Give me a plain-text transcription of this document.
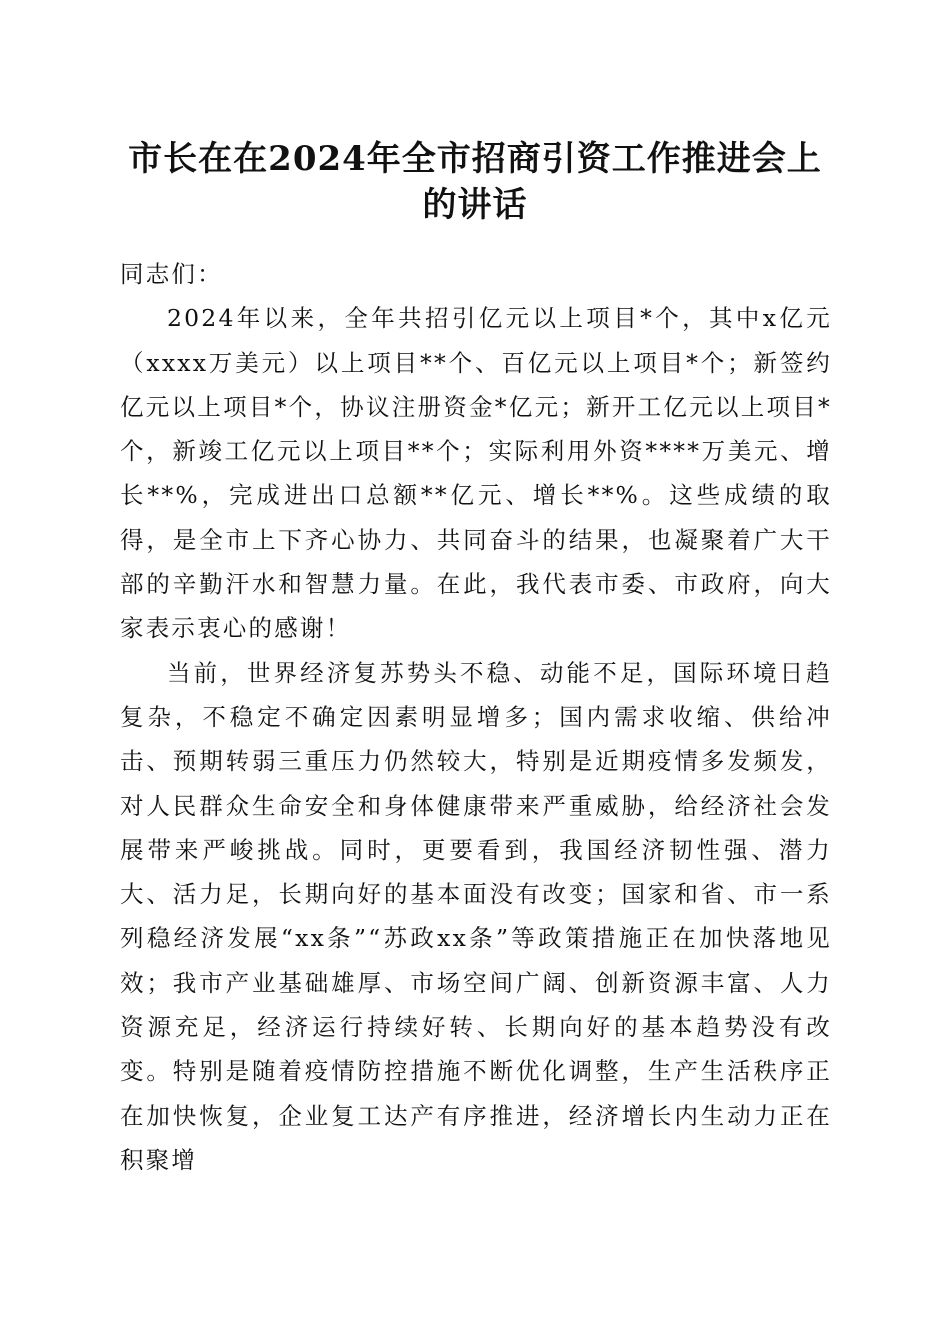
市长在在2024年全市招商引资工作推进会上
的讲话

同志们：

2024年以来，全年共招引亿元以上项目*个，其中x亿元（xxxx万美元）以上项目**个、百亿元以上项目*个；新签约亿元以上项目*个，协议注册资金*亿元；新开工亿元以上项目*个，新竣工亿元以上项目**个；实际利用外资****万美元、增长**%，完成进出口总额**亿元、增长**%。这些成绩的取得，是全市上下齐心协力、共同奋斗的结果，也凝聚着广大干部的辛勤汗水和智慧力量。在此，我代表市委、市政府，向大家表示衷心的感谢！

当前，世界经济复苏势头不稳、动能不足，国际环境日趋复杂，不稳定不确定因素明显增多；国内需求收缩、供给冲击、预期转弱三重压力仍然较大，特别是近期疫情多发频发，对人民群众生命安全和身体健康带来严重威胁，给经济社会发展带来严峻挑战。同时，更要看到，我国经济韧性强、潜力大、活力足，长期向好的基本面没有改变；国家和省、市一系列稳经济发展“xx条”“苏政xx条”等政策措施正在加快落地见效；我市产业基础雄厚、市场空间广阔、创新资源丰富、人力资源充足，经济运行持续好转、长期向好的基本趋势没有改变。特别是随着疫情防控措施不断优化调整，生产生活秩序正在加快恢复，企业复工达产有序推进，经济增长内生动力正在积聚增
